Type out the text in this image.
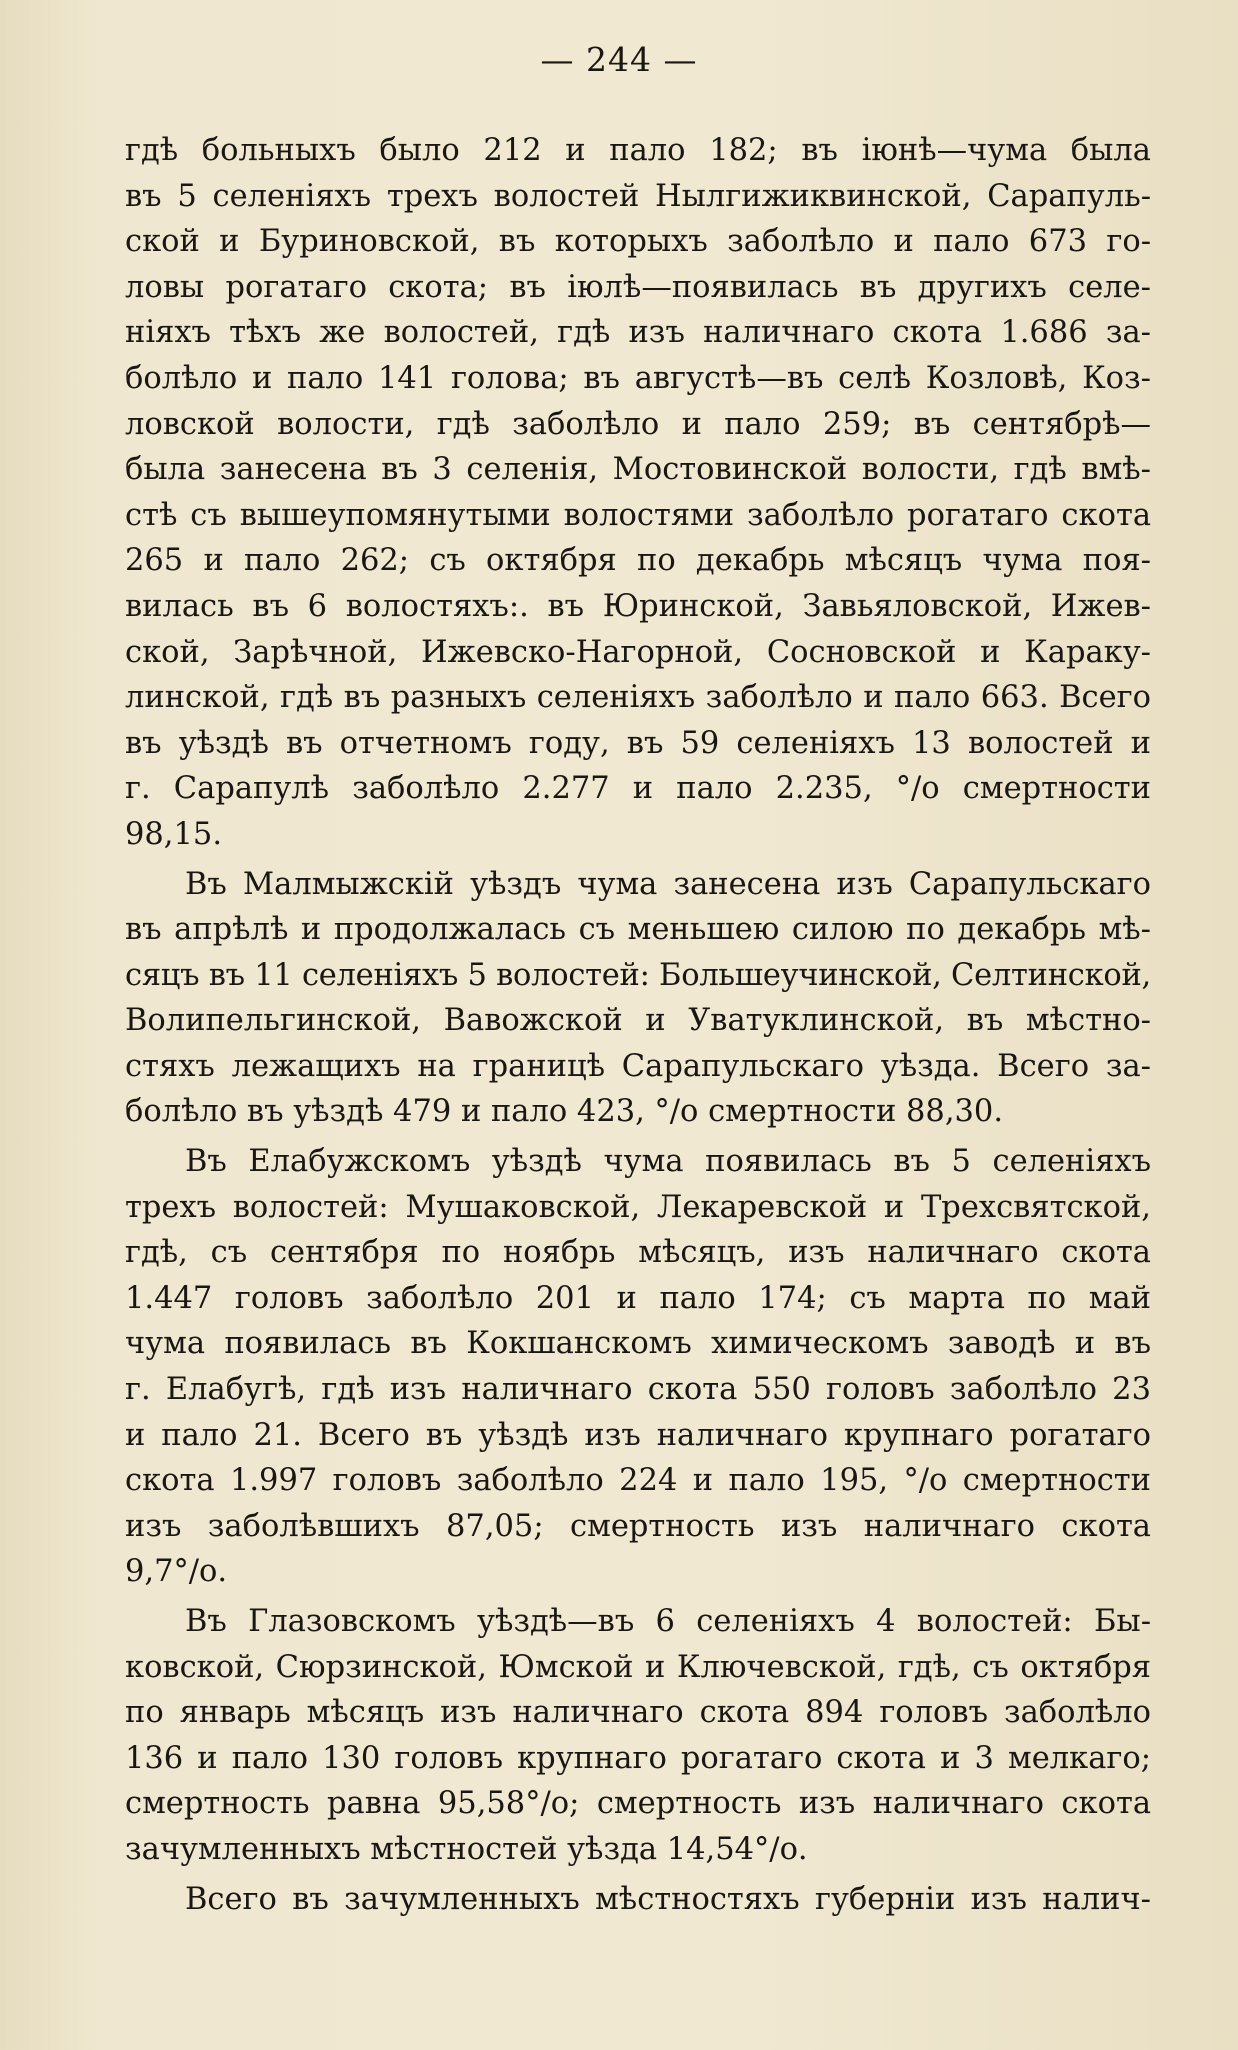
— 244 —
гдѣ больныхъ было 212 и пало 182; въ іюнѣ—чума была
въ 5 селеніяхъ трехъ волостей Нылгижиквинской, Сарапуль-
ской и Буриновской, въ которыхъ заболѣло и пало 673 го-
ловы рогатаго скота; въ іюлѣ—появилась въ другихъ селе-
ніяхъ тѣхъ же волостей, гдѣ изъ наличнаго скота 1.686 за-
болѣло и пало 141 голова; въ августѣ—въ селѣ Козловѣ, Коз-
ловской волости, гдѣ заболѣло и пало 259; въ сентябрѣ—
была занесена въ 3 селенія, Мостовинской волости, гдѣ вмѣ-
стѣ съ вышеупомянутыми волостями заболѣло рогатаго скота
265 и пало 262; съ октября по декабрь мѣсяцъ чума поя-
вилась въ 6 волостяхъ:. въ Юринской, Завьяловской, Ижев-
ской, Зарѣчной, Ижевско-Нагорной, Сосновской и Караку-
линской, гдѣ въ разныхъ селеніяхъ заболѣло и пало 663. Всего
въ уѣздѣ въ отчетномъ году, въ 59 селеніяхъ 13 волостей и
г. Сарапулѣ заболѣло 2.277 и пало 2.235, °/о смертности
98,15.
Въ Малмыжскій уѣздъ чума занесена изъ Сарапульскаго
въ апрѣлѣ и продолжалась съ меньшею силою по декабрь мѣ-
сяцъ въ 11 селеніяхъ 5 волостей: Большеучинской, Селтинской,
Волипельгинской, Вавожской и Уватуклинской, въ мѣстно-
стяхъ лежащихъ на границѣ Сарапульскаго уѣзда. Всего за-
болѣло въ уѣздѣ 479 и пало 423, °/о смертности 88,30.
Въ Елабужскомъ уѣздѣ чума появилась въ 5 селеніяхъ
трехъ волостей: Мушаковской, Лекаревской и Трехсвятской,
гдѣ, съ сентября по ноябрь мѣсяцъ, изъ наличнаго скота
1.447 головъ заболѣло 201 и пало 174; съ марта по май
чума появилась въ Кокшанскомъ химическомъ заводѣ и въ
г. Елабугѣ, гдѣ изъ наличнаго скота 550 головъ заболѣло 23
и пало 21. Всего въ уѣздѣ изъ наличнаго крупнаго рогатаго
скота 1.997 головъ заболѣло 224 и пало 195, °/о смертности
изъ заболѣвшихъ 87,05; смертность изъ наличнаго скота
9,7°/о.
Въ Глазовскомъ уѣздѣ—въ 6 селеніяхъ 4 волостей: Бы-
ковской, Сюрзинской, Юмской и Ключевской, гдѣ, съ октября
по январь мѣсяцъ изъ наличнаго скота 894 головъ заболѣло
136 и пало 130 головъ крупнаго рогатаго скота и 3 мелкаго;
смертность равна 95,58°/о; смертность изъ наличнаго скота
зачумленныхъ мѣстностей уѣзда 14,54°/о.
Всего въ зачумленныхъ мѣстностяхъ губерніи изъ налич-
